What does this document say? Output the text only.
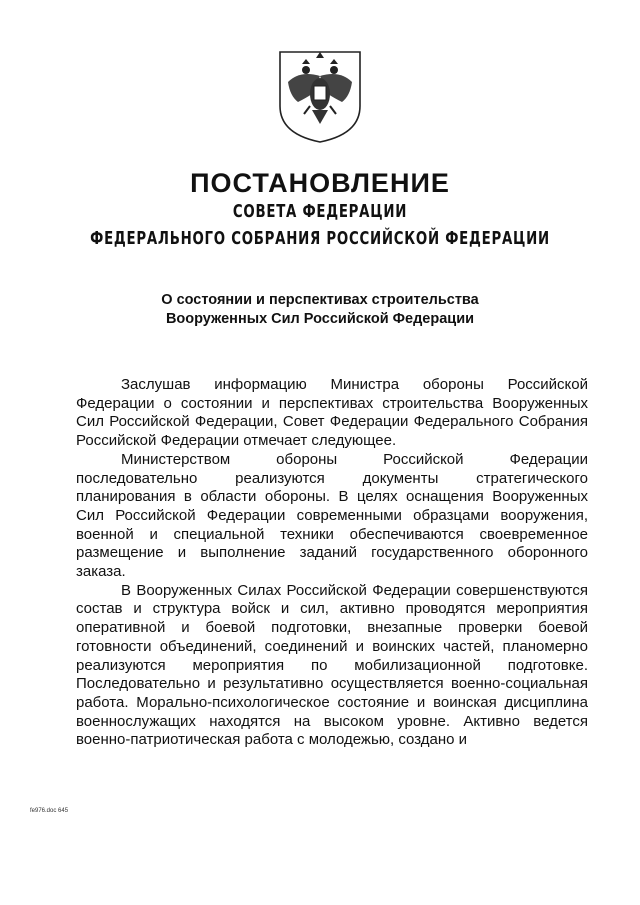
ПОСТАНОВЛЕНИЕ
СОВЕТА ФЕДЕРАЦИИ
ФЕДЕРАЛЬНОГО СОБРАНИЯ РОССИЙСКОЙ ФЕДЕРАЦИИ
О состоянии и перспективах строительства
Вооруженных Сил Российской Федерации

Заслушав информацию Министра обороны Российской Федерации о состоянии и перспективах строительства Вооруженных Сил Российской Федерации, Совет Федерации Федерального Собрания Российской Федерации отмечает следующее.

Министерством обороны Российской Федерации последовательно реализуются документы стратегического планирования в области обороны. В целях оснащения Вооруженных Сил Российской Федерации современными образцами вооружения, военной и специальной техники обеспечиваются своевременное размещение и выполнение заданий государственного оборонного заказа.

В Вооруженных Силах Российской Федерации совершенствуются состав и структура войск и сил, активно проводятся мероприятия оперативной и боевой подготовки, внезапные проверки боевой готовности объединений, соединений и воинских частей, планомерно реализуются мероприятия по мобилизационной подготовке. Последовательно и результативно осуществляется военно-социальная работа. Морально-психологическое состояние и воинская дисциплина военнослужащих находятся на высоком уровне. Активно ведется военно-патриотическая работа с молодежью, создано и

fe976.doc 645
